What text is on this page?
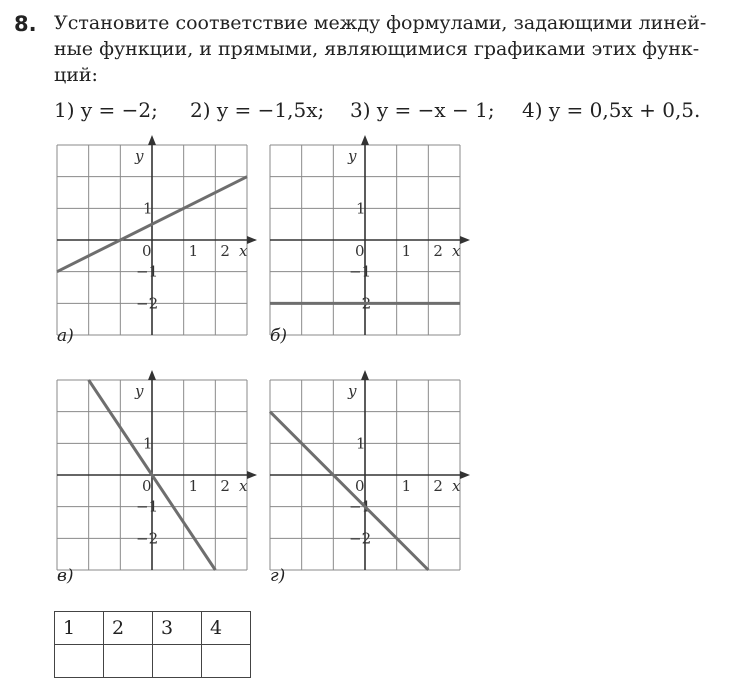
8. Установите соответствие между формулами, задающими линей-
ные функции, и прямыми, являющимися графиками этих функ-
ций:
1) y = −2; 2) y = −1,5x; 3) y = −x − 1; 4) y = 0,5x + 0,5.
x
y
0 1 2
1
−1
−2
а)
x
y
0 1 2
1
−1
−2
б)
x
y
0 1 2
1
−1
−2
в)
x
y
0 1 2
1
−1
−2
г)
1	2	3	4
